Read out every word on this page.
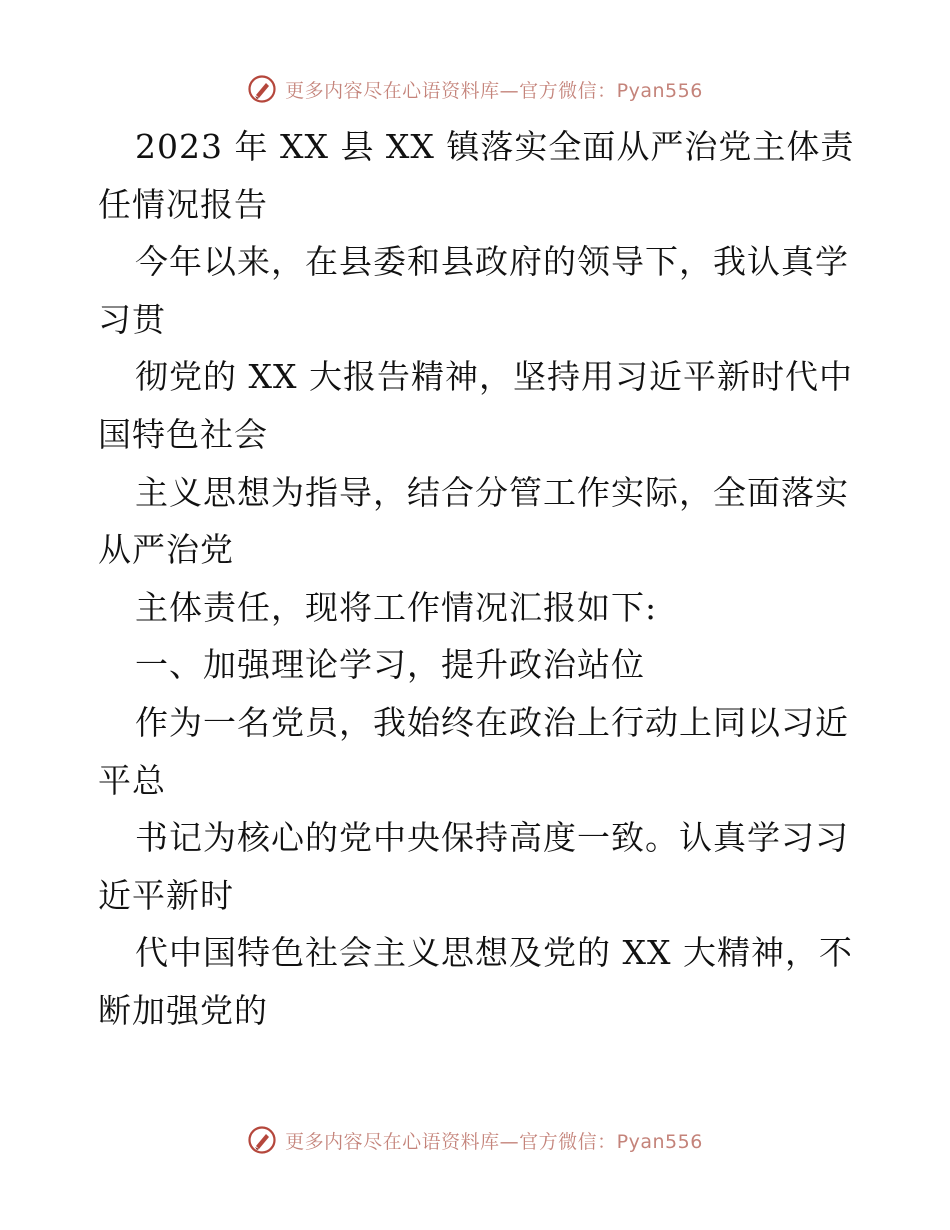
更多内容尽在心语资料库—官方微信：Pyan556
2023 年 XX 县 XX 镇落实全面从严治党主体责
任情况报告
今年以来，在县委和县政府的领导下，我认真学
习贯
彻党的 XX 大报告精神，坚持用习近平新时代中
国特色社会
主义思想为指导，结合分管工作实际，全面落实
从严治党
主体责任，现将工作情况汇报如下:
一、加强理论学习，提升政治站位
作为一名党员，我始终在政治上行动上同以习近
平总
书记为核心的党中央保持高度一致。认真学习习
近平新时
代中国特色社会主义思想及党的 XX 大精神，不
断加强党的
更多内容尽在心语资料库—官方微信：Pyan556
